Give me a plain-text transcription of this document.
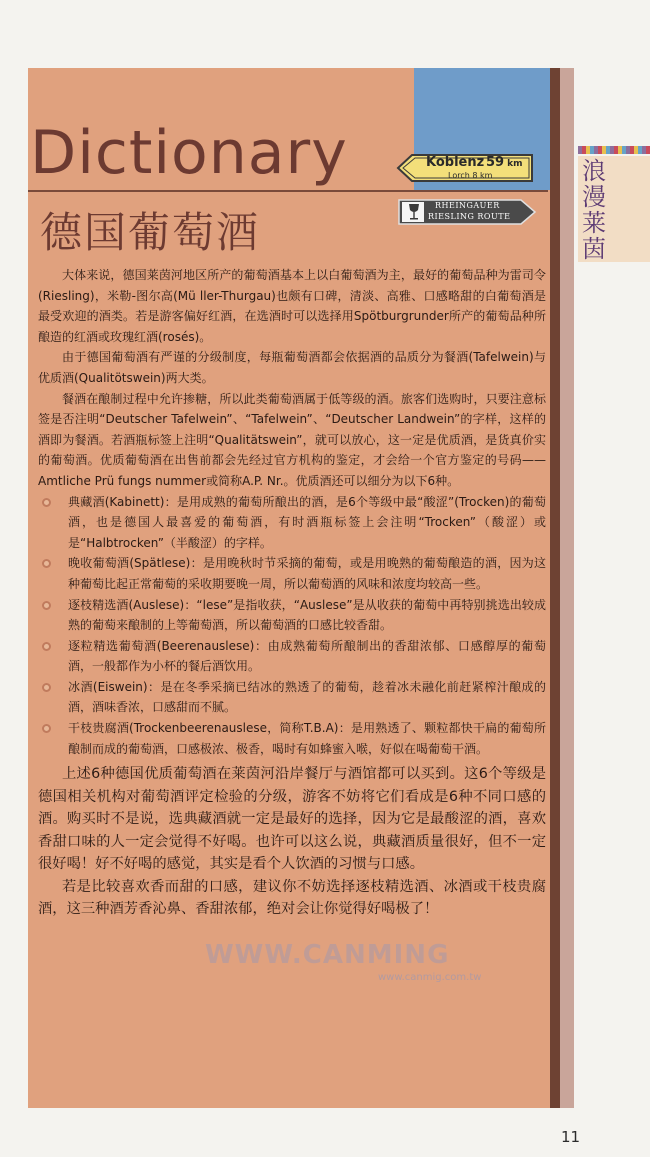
Dictionary
德国葡萄酒
Koblenz 59 km
Lorch 8 km
RHEINGAUER
RIESLING ROUTE
浪漫莱茵

大体来说，德国莱茵河地区所产的葡萄酒基本上以白葡萄酒为主，最好的葡萄品种为雷司令(Riesling)，米勒-图尔高(Mü ller-Thurgau)也颇有口碑，清淡、高雅、口感略甜的白葡萄酒是最受欢迎的酒类。若是游客偏好红酒，在选酒时可以选择用Spötburgrunder所产的葡萄品种所酿造的红酒或玫瑰红酒(rosés)。

由于德国葡萄酒有严谨的分级制度，每瓶葡萄酒都会依据酒的品质分为餐酒(Tafelwein)与优质酒(Qualitötswein)两大类。

餐酒在酿制过程中允许掺糖，所以此类葡萄酒属于低等级的酒。旅客们选购时，只要注意标签是否注明“Deutscher Tafelwein”、“Tafelwein”、“Deutscher Landwein”的字样，这样的酒即为餐酒。若酒瓶标签上注明“Qualitätswein”，就可以放心，这一定是优质酒，是货真价实的葡萄酒。优质葡萄酒在出售前都会先经过官方机构的鉴定，才会给一个官方鉴定的号码——Amtliche Prü fungs nummer或简称A.P. Nr.。优质酒还可以细分为以下6种。

典藏酒(Kabinett)：是用成熟的葡萄所酿出的酒，是6个等级中最“酸涩”(Trocken)的葡萄酒，也是德国人最喜爱的葡萄酒，有时酒瓶标签上会注明“Trocken”（酸涩）或是“Halbtrocken”（半酸涩）的字样。
晚收葡萄酒(Spätlese)：是用晚秋时节采摘的葡萄，或是用晚熟的葡萄酿造的酒，因为这种葡萄比起正常葡萄的采收期要晚一周，所以葡萄酒的风味和浓度均较高一些。
逐枝精选酒(Auslese)：“lese”是指收获，“Auslese”是从收获的葡萄中再特别挑选出较成熟的葡萄来酿制的上等葡萄酒，所以葡萄酒的口感比较香甜。
逐粒精选葡萄酒(Beerenauslese)：由成熟葡萄所酿制出的香甜浓郁、口感醇厚的葡萄酒，一般都作为小杯的餐后酒饮用。
冰酒(Eiswein)：是在冬季采摘已结冰的熟透了的葡萄，趁着冰未融化前赶紧榨汁酿成的酒，酒味香浓，口感甜而不腻。
干枝贵腐酒(Trockenbeerenauslese，简称T.B.A)：是用熟透了、颗粒都快干扁的葡萄所酿制而成的葡萄酒，口感极浓、极香，喝时有如蜂蜜入喉，好似在喝葡萄干酒。

上述6种德国优质葡萄酒在莱茵河沿岸餐厅与酒馆都可以买到。这6个等级是德国相关机构对葡萄酒评定检验的分级，游客不妨将它们看成是6种不同口感的酒。购买时不是说，选典藏酒就一定是最好的选择，因为它是最酸涩的酒，喜欢香甜口味的人一定会觉得不好喝。也许可以这么说，典藏酒质量很好，但不一定很好喝！好不好喝的感觉，其实是看个人饮酒的习惯与口感。

若是比较喜欢香而甜的口感，建议你不妨选择逐枝精选酒、冰酒或干枝贵腐酒，这三种酒芳香沁鼻、香甜浓郁，绝对会让你觉得好喝极了！

WWW.CANMING
www.canmig.com.tw
11
